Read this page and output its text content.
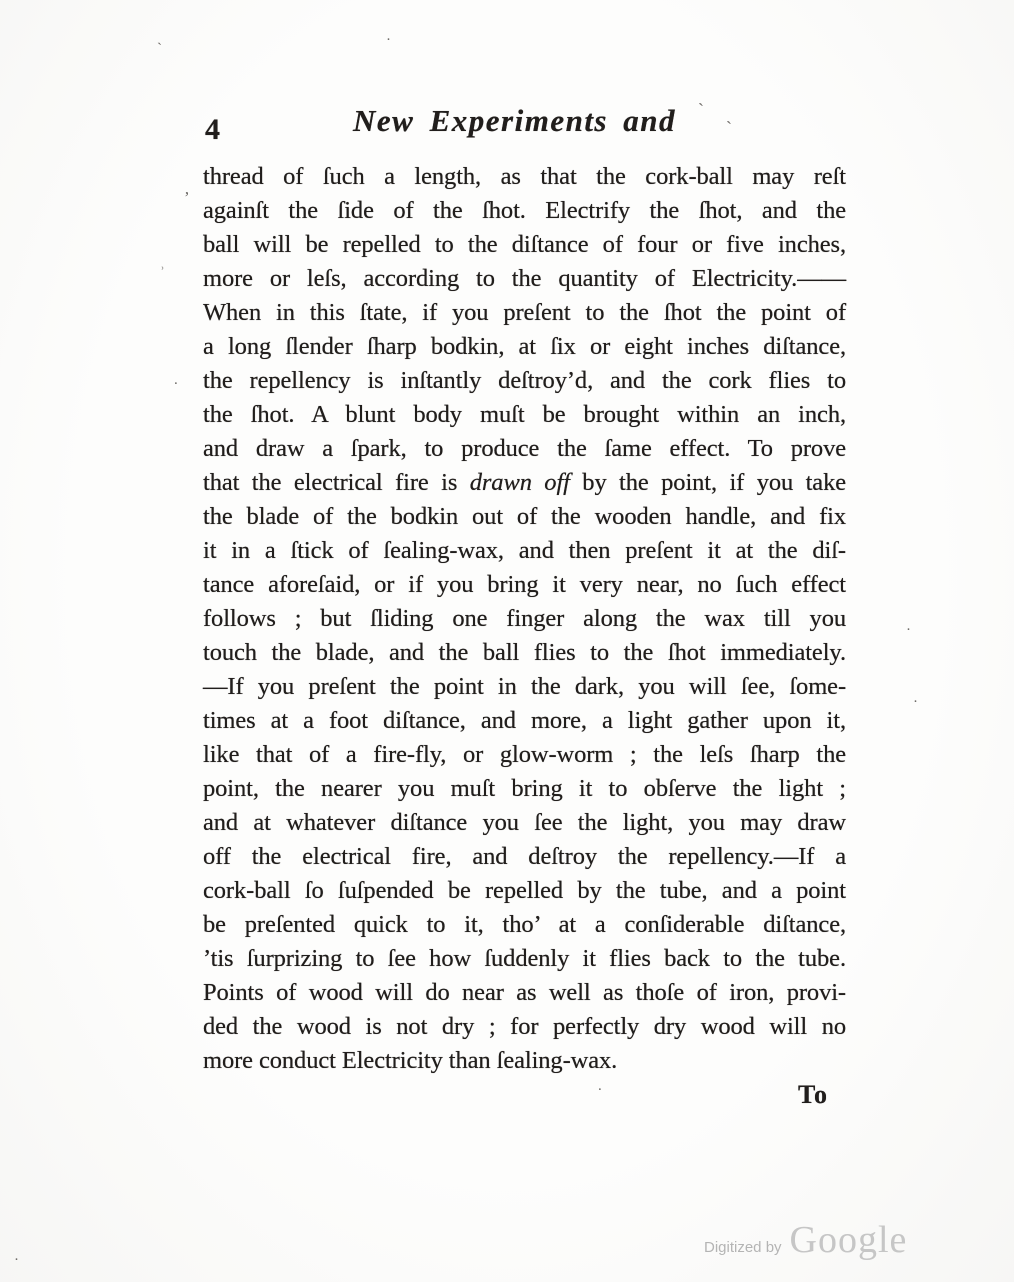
4	New Experiments and
thread of ſuch a length, as that the cork-ball may reſt
againſt the ſide of the ſhot. Electrify the ſhot, and the
ball will be repelled to the diſtance of four or five inches,
more or leſs, according to the quantity of Electricity.——
When in this ſtate, if you preſent to the ſhot the point of
a long ſlender ſharp bodkin, at ſix or eight inches diſtance,
the repellency is inſtantly deſtroy’d, and the cork flies to
the ſhot. A blunt body muſt be brought within an inch,
and draw a ſpark, to produce the ſame effect. To prove
that the electrical fire is drawn off by the point, if you take
the blade of the bodkin out of the wooden handle, and fix
it in a ſtick of ſealing-wax, and then preſent it at the diſ-
tance aforeſaid, or if you bring it very near, no ſuch effect
follows ; but ſliding one finger along the wax till you
touch the blade, and the ball flies to the ſhot immediately.
—If you preſent the point in the dark, you will ſee, ſome-
times at a foot diſtance, and more, a light gather upon it,
like that of a fire-fly, or glow-worm ; the leſs ſharp the
point, the nearer you muſt bring it to obſerve the light ;
and at whatever diſtance you ſee the light, you may draw
off the electrical fire, and deſtroy the repellency.—If a
cork-ball ſo ſuſpended be repelled by the tube, and a point
be preſented quick to it, tho’ at a conſiderable diſtance,
’tis ſurprizing to ſee how ſuddenly it flies back to the tube.
Points of wood will do near as well as thoſe of iron, provi-
ded the wood is not dry ; for perfectly dry wood will no
more conduct Electricity than ſealing-wax.
To
Digitized by Google
ˏ	·
’
˒
` ˎ
.
·
·
.
·
